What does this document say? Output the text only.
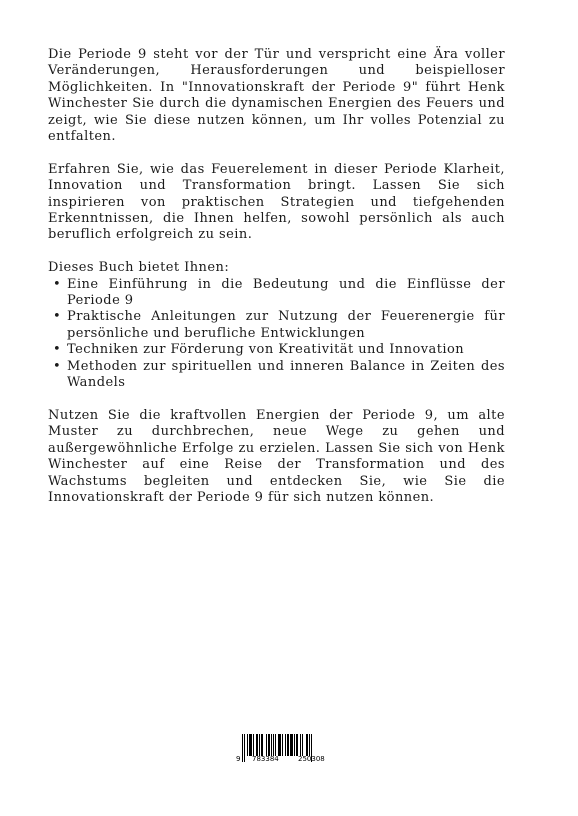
Die Periode 9 steht vor der Tür und verspricht eine Ära voller Veränderungen, Herausforderungen und beispielloser Möglichkeiten. In "Innovationskraft der Periode 9" führt Henk Winchester Sie durch die dynamischen Energien des Feuers und zeigt, wie Sie diese nutzen können, um Ihr volles Potenzial zu entfalten.

Erfahren Sie, wie das Feuerelement in dieser Periode Klarheit, Innovation und Transformation bringt. Lassen Sie sich inspirieren von praktischen Strategien und tiefgehenden Erkenntnissen, die Ihnen helfen, sowohl persönlich als auch beruflich erfolgreich zu sein.

Dieses Buch bietet Ihnen:

• Eine Einführung in die Bedeutung und die Einflüsse der Periode 9
• Praktische Anleitungen zur Nutzung der Feuerenergie für persönliche und berufliche Entwicklungen
• Techniken zur Förderung von Kreativität und Innovation
• Methoden zur spirituellen und inneren Balance in Zeiten des Wandels

Nutzen Sie die kraftvollen Energien der Periode 9, um alte Muster zu durchbrechen, neue Wege zu gehen und außergewöhnliche Erfolge zu erzielen. Lassen Sie sich von Henk Winchester auf eine Reise der Transformation und des Wachstums begleiten und entdecken Sie, wie Sie die Innovationskraft der Periode 9 für sich nutzen können.

9 783384	250308
